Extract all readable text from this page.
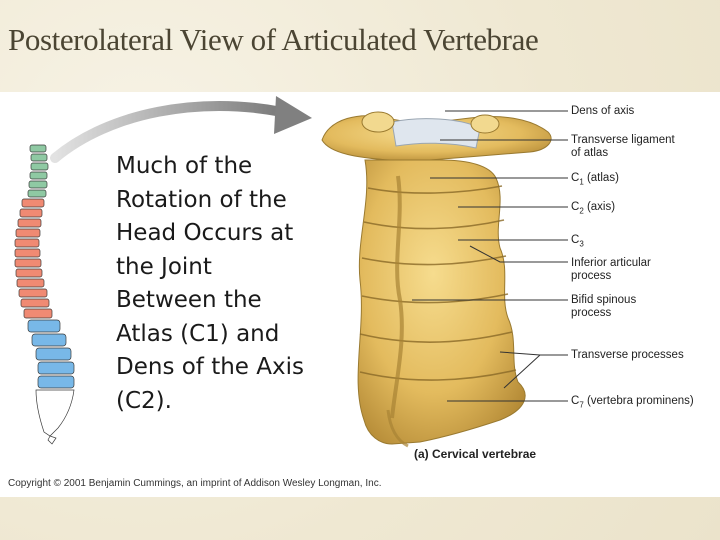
Posterolateral View of Articulated Vertebrae
Much of the
Rotation of the
Head Occurs at
the Joint
Between the
Atlas (C1) and
Dens of the Axis
(C2).
Dens of axis
Transverse ligament
of atlas
$C_1$ (atlas)
$C_2$ (axis)
$C_3$
Inferior articular
process
Bifid spinous
process
Transverse processes
$C_7$ (vertebra prominens)
(a) Cervical vertebrae
Copyright © 2001 Benjamin Cummings, an imprint of Addison Wesley Longman, Inc.
